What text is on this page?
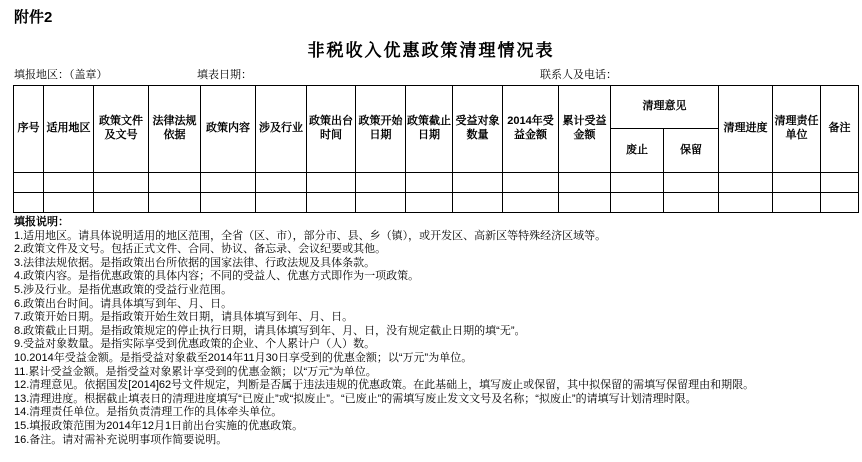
附件2
非税收入优惠政策清理情况表
填报地区：（盖章）	填表日期：	联系人及电话：
序号	适用地区	政策文件及文号	法律法规依据	政策内容	涉及行业	政策出台时间	政策开始日期	政策截止日期	受益对象数量	2014年受益金额	累计受益金额	清理意见		清理进度	清理责任单位	备注
												废止	保留			

填报说明：
1.适用地区。请具体说明适用的地区范围，全省（区、市），部分市、县、乡（镇），或开发区、高新区等特殊经济区域等。
2.政策文件及文号。包括正式文件、合同、协议、备忘录、会议纪要或其他。
3.法律法规依据。是指政策出台所依据的国家法律、行政法规及具体条款。
4.政策内容。是指优惠政策的具体内容；不同的受益人、优惠方式即作为一项政策。
5.涉及行业。是指优惠政策的受益行业范围。
6.政策出台时间。请具体填写到年、月、日。
7.政策开始日期。是指政策开始生效日期，请具体填写到年、月、日。
8.政策截止日期。是指政策规定的停止执行日期，请具体填写到年、月、日，没有规定截止日期的填“无”。
9.受益对象数量。是指实际享受到优惠政策的企业、个人累计户（人）数。
10.2014年受益金额。是指受益对象截至2014年11月30日享受到的优惠金额；以“万元”为单位。
11.累计受益金额。是指受益对象累计享受到的优惠金额；以“万元”为单位。
12.清理意见。依据国发[2014]62号文件规定，判断是否属于违法违规的优惠政策。在此基础上，填写废止或保留，其中拟保留的需填写保留理由和期限。
13.清理进度。根据截止填表日的清理进度填写“已废止”或“拟废止”。“已废止”的需填写废止发文文号及名称；“拟废止”的请填写计划清理时限。
14.清理责任单位。是指负责清理工作的具体牵头单位。
15.填报政策范围为2014年12月1日前出台实施的优惠政策。
16.备注。请对需补充说明事项作简要说明。
